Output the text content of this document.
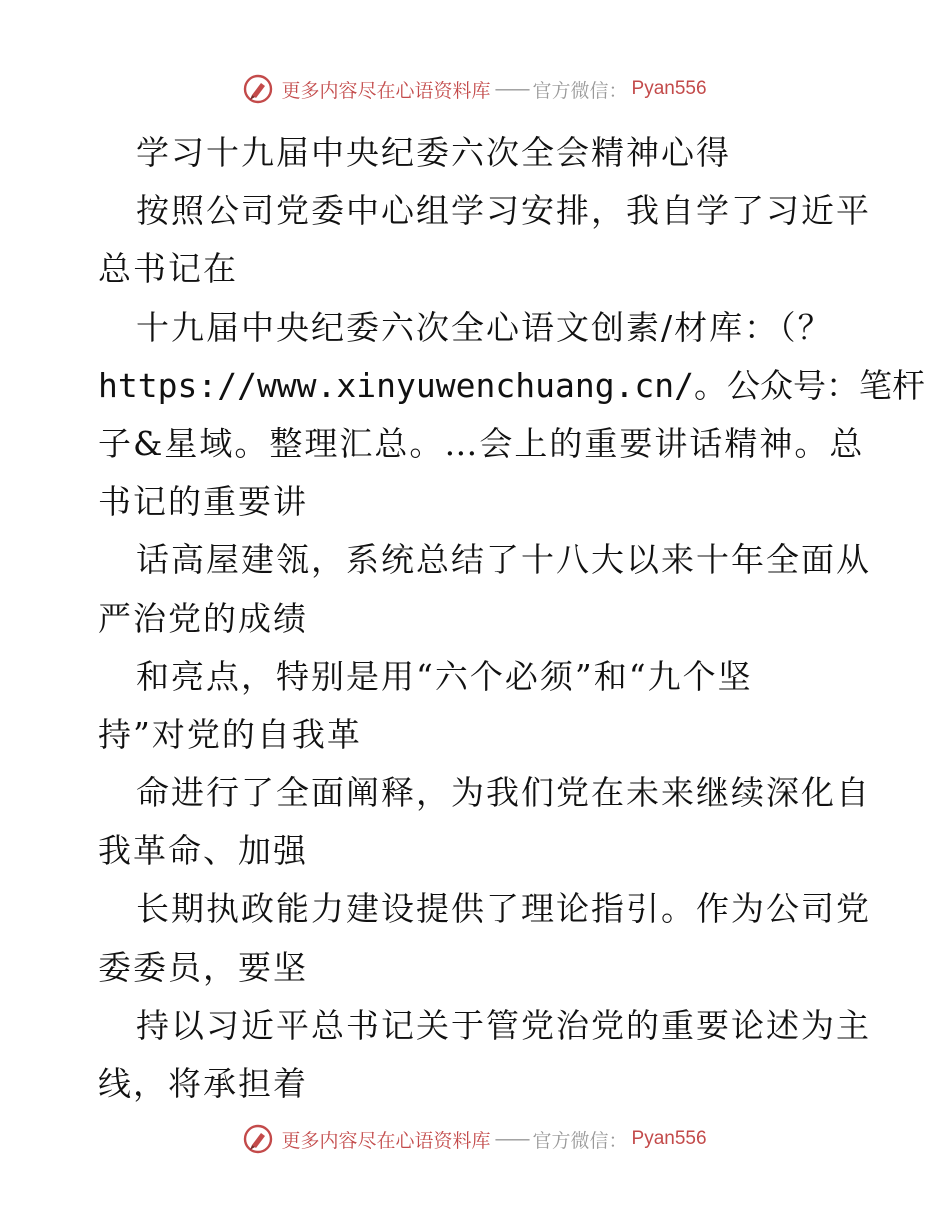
更多内容尽在心语资料库 —— 官方微信 ： Pyan556
学习十九届中央纪委六次全会精神心得
按照公司党委中心组学习安排，我自学了习近平
总书记在
十九届中央纪委六次全心语文创素/材库：（？
https://www.xinyuwenchuang.cn/。公众号：笔杆
子&星域。整理汇总。…会上的重要讲话精神。总
书记的重要讲
话高屋建瓴，系统总结了十八大以来十年全面从
严治党的成绩
和亮点，特别是用“六个必须”和“九个坚
持”对党的自我革
命进行了全面阐释，为我们党在未来继续深化自
我革命、加强
长期执政能力建设提供了理论指引。作为公司党
委委员，要坚
持以习近平总书记关于管党治党的重要论述为主
线，将承担着
更多内容尽在心语资料库 —— 官方微信 ： Pyan556
